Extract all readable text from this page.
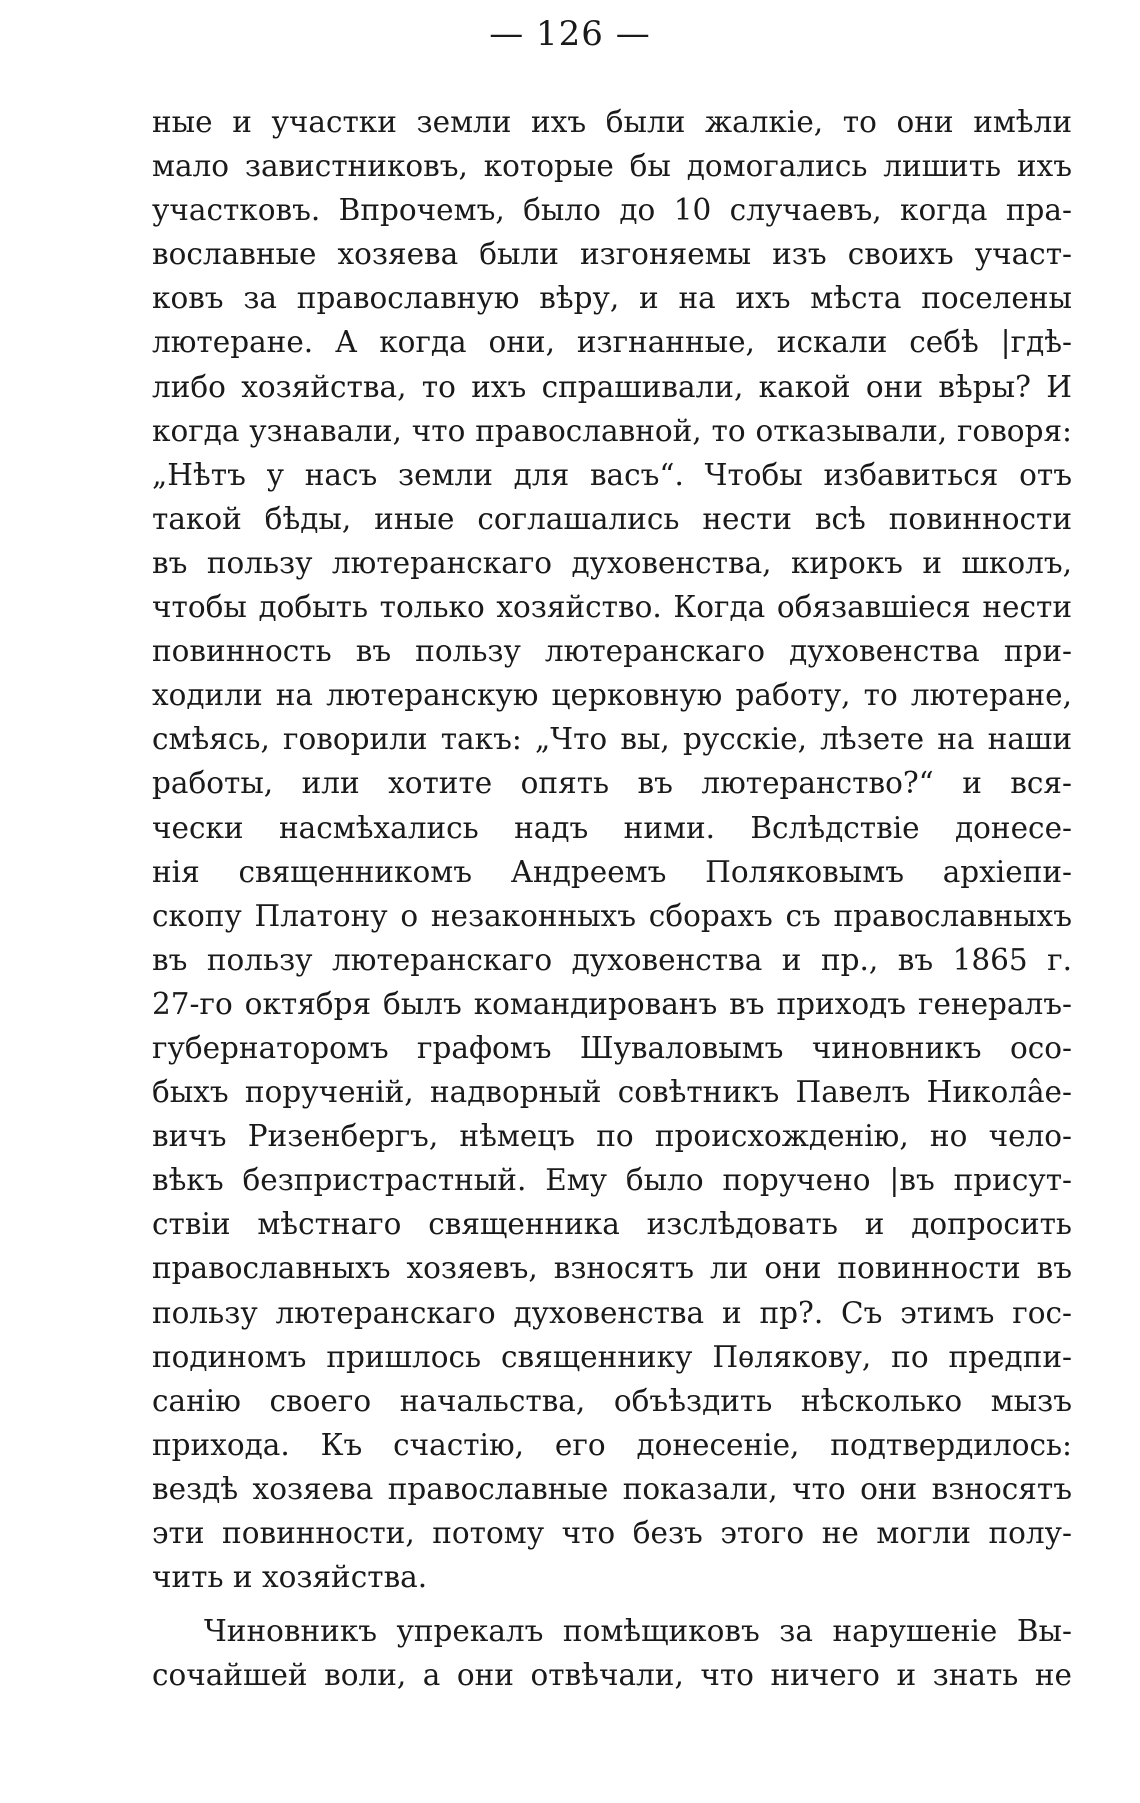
— 126 —
ные и участки земли ихъ были жалкіе, то они имѣли
мало завистниковъ, которые бы домогались лишить ихъ
участковъ. Впрочемъ, было до 10 случаевъ, когда пра-
вославные хозяева были изгоняемы изъ своихъ участ-
ковъ за православную вѣру, и на ихъ мѣста поселены
лютеране. А когда они, изгнанные, искали себѣ |гдѣ-
либо хозяйства, то ихъ спрашивали, какой они вѣры? И
когда узнавали, что православной, то отказывали, говоря:
„Нѣтъ у насъ земли для васъ“. Чтобы избавиться отъ
такой бѣды, иные соглашались нести всѣ повинности
въ пользу лютеранскаго духовенства, кирокъ и школъ,
чтобы добыть только хозяйство. Когда обязавшіеся нести
повинность въ пользу лютеранскаго духовенства при-
ходили на лютеранскую церковную работу, то лютеране,
смѣясь, говорили такъ: „Что вы, русскіе, лѣзете на наши
работы, или хотите опять въ лютеранство?“ и вся-
чески насмѣхались надъ ними. Вслѣдствіе донесе-
нія священникомъ Андреемъ Поляковымъ архіепи-
скопу Платону о незаконныхъ сборахъ съ православныхъ
въ пользу лютеранскаго духовенства и пр., въ 1865 г.
27-го октября былъ командированъ въ приходъ генералъ-
губернаторомъ графомъ Шуваловымъ чиновникъ осо-
быхъ порученій, надворный совѣтникъ Павелъ Никола̂е-
вичъ Ризенбергъ, нѣмецъ по происхожденію, но чело-
вѣкъ безпристрастный. Ему было поручено |въ присут-
ствіи мѣстнаго священника изслѣдовать и допросить
православныхъ хозяевъ, взносятъ ли они повинности въ
пользу лютеранскаго духовенства и пр?. Съ этимъ гос-
подиномъ пришлось священнику Пѳлякову, по предпи-
санію своего начальства, объѣздить нѣсколько мызъ
прихода. Къ счастію, его донесеніе, подтвердилось:
вездѣ хозяева православные показали, что они взносятъ
эти повинности, потому что безъ этого не могли полу-
чить и хозяйства.
Чиновникъ упрекалъ помѣщиковъ за нарушеніе Вы-
сочайшей воли, а они отвѣчали, что ничего и знать не
